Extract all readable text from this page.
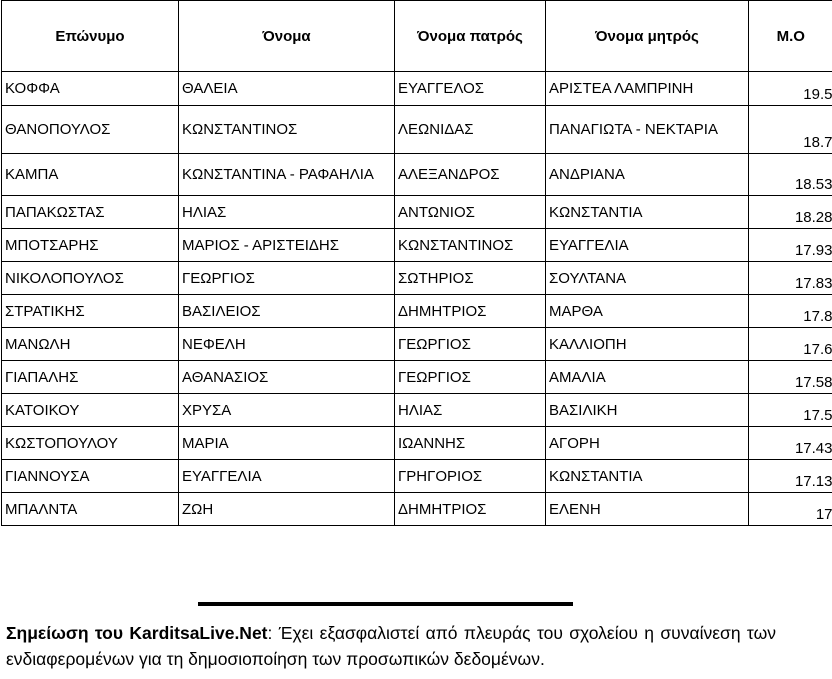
Επώνυμο	Όνομα	Όνομα πατρός	Όνομα μητρός	Μ.Ο
ΚΟΦΦΑ	ΘΑΛΕΙΑ	ΕΥΑΓΓΕΛΟΣ	ΑΡΙΣΤΕΑ ΛΑΜΠΡΙΝΗ	19.5
ΘΑΝΟΠΟΥΛΟΣ	ΚΩΝΣΤΑΝΤΙΝΟΣ	ΛΕΩΝΙΔΑΣ	ΠΑΝΑΓΙΩΤΑ - ΝΕΚΤΑΡΙΑ	18.7
ΚΑΜΠΑ	ΚΩΝΣΤΑΝΤΙΝΑ - ΡΑΦΑΗΛΙΑ	ΑΛΕΞΑΝΔΡΟΣ	ΑΝΔΡΙΑΝΑ	18.53
ΠΑΠΑΚΩΣΤΑΣ	ΗΛΙΑΣ	ΑΝΤΩΝΙΟΣ	ΚΩΝΣΤΑΝΤΙΑ	18.28
ΜΠΟΤΣΑΡΗΣ	ΜΑΡΙΟΣ - ΑΡΙΣΤΕΙΔΗΣ	ΚΩΝΣΤΑΝΤΙΝΟΣ	ΕΥΑΓΓΕΛΙΑ	17.93
ΝΙΚΟΛΟΠΟΥΛΟΣ	ΓΕΩΡΓΙΟΣ	ΣΩΤΗΡΙΟΣ	ΣΟΥΛΤΑΝΑ	17.83
ΣΤΡΑΤΙΚΗΣ	ΒΑΣΙΛΕΙΟΣ	ΔΗΜΗΤΡΙΟΣ	ΜΑΡΘΑ	17.8
ΜΑΝΩΛΗ	ΝΕΦΕΛΗ	ΓΕΩΡΓΙΟΣ	ΚΑΛΛΙΟΠΗ	17.6
ΓΙΑΠΑΛΗΣ	ΑΘΑΝΑΣΙΟΣ	ΓΕΩΡΓΙΟΣ	ΑΜΑΛΙΑ	17.58
ΚΑΤΟΙΚΟΥ	ΧΡΥΣΑ	ΗΛΙΑΣ	ΒΑΣΙΛΙΚΗ	17.5
ΚΩΣΤΟΠΟΥΛΟΥ	ΜΑΡΙΑ	ΙΩΑΝΝΗΣ	ΑΓΟΡΗ	17.43
ΓΙΑΝΝΟΥΣΑ	ΕΥΑΓΓΕΛΙΑ	ΓΡΗΓΟΡΙΟΣ	ΚΩΝΣΤΑΝΤΙΑ	17.13
ΜΠΑΛΝΤΑ	ΖΩΗ	ΔΗΜΗΤΡΙΟΣ	ΕΛΕΝΗ	17
Σημείωση του KarditsaLive.Net: Έχει εξασφαλιστεί από πλευράς του σχολείου η συναίνεση των ενδιαφερομένων για τη δημοσιοποίηση των προσωπικών δεδομένων.
